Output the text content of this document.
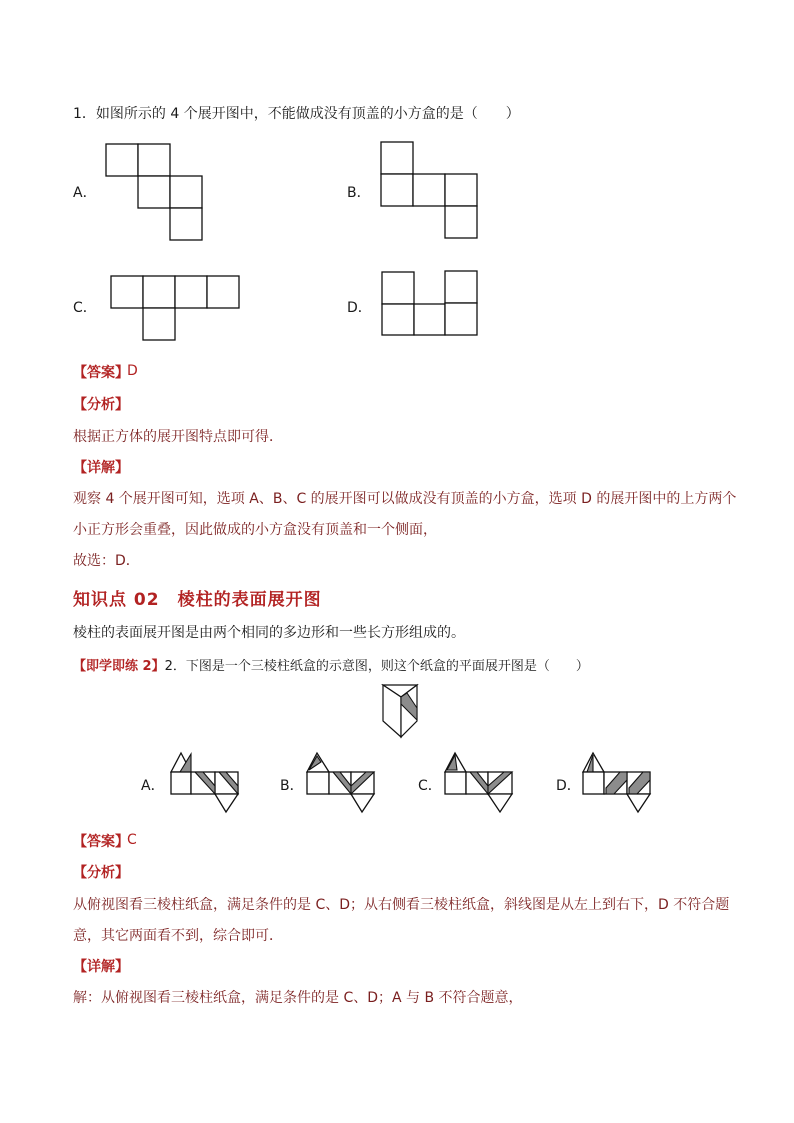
1．如图所示的 4 个展开图中，不能做成没有顶盖的小方盒的是（　　）
A．	B．
C．	D．
【答案】
D
【分析】
根据正方体的展开图特点即可得．
【详解】
观察 4 个展开图可知，选项 A、B、C 的展开图可以做成没有顶盖的小方盒，选项 D 的展开图中的上方两个
小正方形会重叠，因此做成的小方盒没有顶盖和一个侧面，
故选：D．
知识点 02　棱柱的表面展开图
棱柱的表面展开图是由两个相同的多边形和一些长方形组成的。
【即学即练 2】2．下图是一个三棱柱纸盒的示意图，则这个纸盒的平面展开图是（　　）
A．	B．	C．	D．
【答案】
C
【分析】
从俯视图看三棱柱纸盒，满足条件的是 C、D；从右侧看三棱柱纸盒，斜线图是从左上到右下，D 不符合题
意，其它两面看不到，综合即可．
【详解】
解：从俯视图看三棱柱纸盒，满足条件的是 C、D；A 与 B 不符合题意，
